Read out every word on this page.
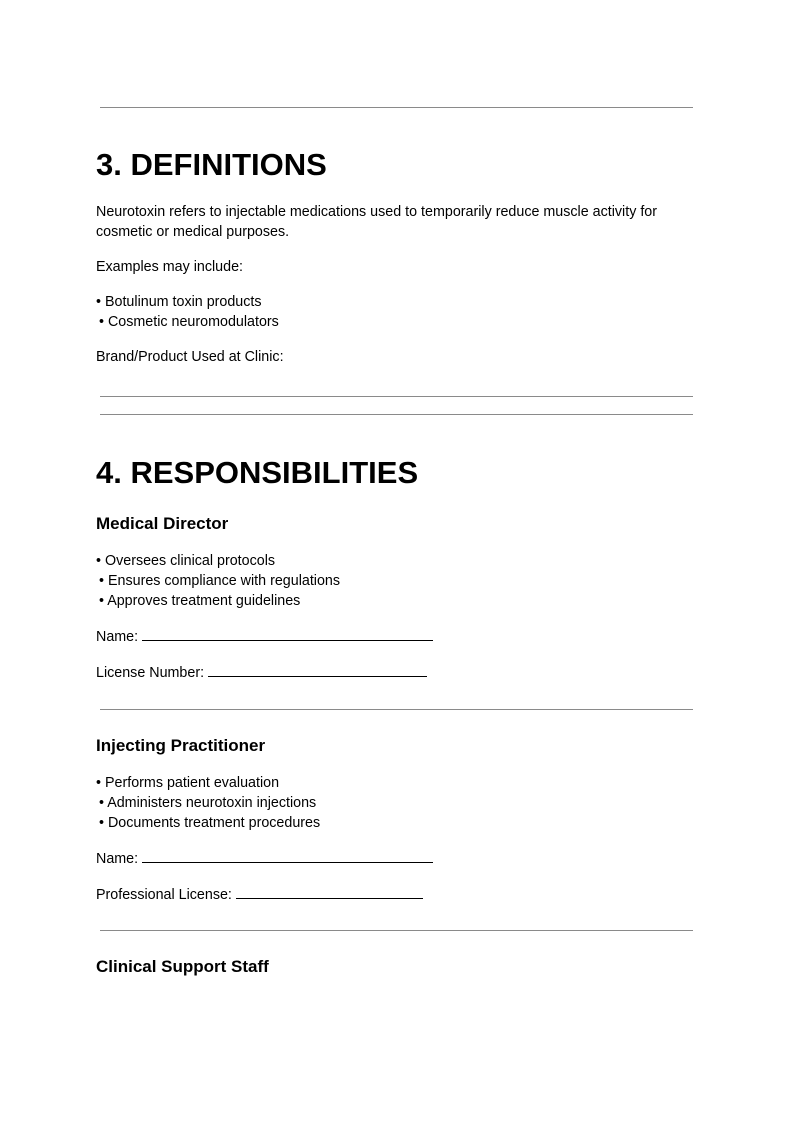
3. DEFINITIONS

Neurotoxin refers to injectable medications used to temporarily reduce muscle activity for

cosmetic or medical purposes.

Examples may include:

• Botulinum toxin products

• Cosmetic neuromodulators

Brand/Product Used at Clinic:

4. RESPONSIBILITIES
Medical Director

• Oversees clinical protocols

• Ensures compliance with regulations

• Approves treatment guidelines

Name:

License Number:

Injecting Practitioner

• Performs patient evaluation

• Administers neurotoxin injections

• Documents treatment procedures

Name:

Professional License:

Clinical Support Staff
